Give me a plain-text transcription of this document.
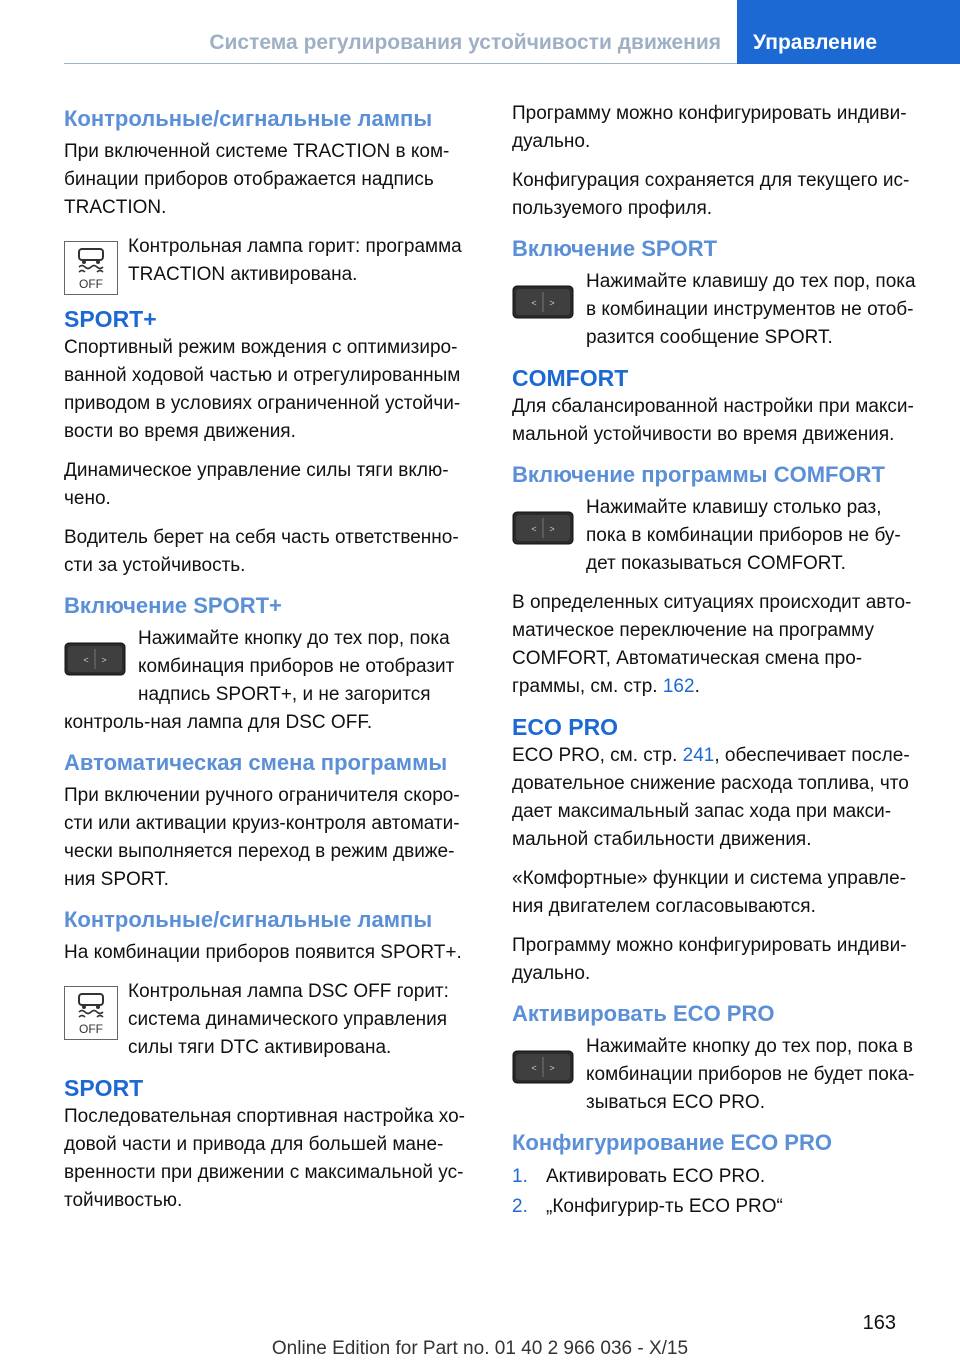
Система регулирования устойчивости движения	Управление
Контрольные/сигнальные лампы

При включенной системе TRACTION в ком-бинации приборов отображается надпись TRACTION.

OFF
Контрольная лампа горит: программа TRACTION активирована.
SPORT+

Спортивный режим вождения с оптимизиро-ванной ходовой частью и отрегулированным приводом в условиях ограниченной устойчи-вости во время движения.

Динамическое управление силы тяги вклю-чено.

Водитель берет на себя часть ответственно-сти за устойчивость.

Включение SPORT+
< >
Нажимайте кнопку до тех пор, пока комбинация приборов не отобразит надпись SPORT+, и не загорится контроль-ная лампа для DSC OFF.
Автоматическая смена программы

При включении ручного ограничителя скоро-сти или активации круиз-контроля автомати-чески выполняется переход в режим движе-ния SPORT.

Контрольные/сигнальные лампы

На комбинации приборов появится SPORT+.

OFF
Контрольная лампа DSC OFF горит: система динамического управления силы тяги DTC активирована.
SPORT

Последовательная спортивная настройка хо-довой части и привода для большей мане-вренности при движении с максимальной ус-тойчивостью.

Программу можно конфигурировать индиви-дуально.

Конфигурация сохраняется для текущего ис-пользуемого профиля.

Включение SPORT
< >
Нажимайте клавишу до тех пор, пока в комбинации инструментов не отоб-разится сообщение SPORT.
COMFORT

Для сбалансированной настройки при макси-мальной устойчивости во время движения.

Включение программы COMFORT
< >
Нажимайте клавишу столько раз, пока в комбинации приборов не бу-дет показываться COMFORT.

В определенных ситуациях происходит авто-матическое переключение на программу COMFORT, Автоматическая смена про-граммы, см. стр. 162.

ECO PRO

ECO PRO, см. стр. 241, обеспечивает после-довательное снижение расхода топлива, что дает максимальный запас хода при макси-мальной стабильности движения.

«Комфортные» функции и система управле-ния двигателем согласовываются.

Программу можно конфигурировать индиви-дуально.

Активировать ECO PRO
< >
Нажимайте кнопку до тех пор, пока в комбинации приборов не будет пока-зываться ECO PRO.
Конфигурирование ECO PRO
1. Активировать ECO PRO.
2. „Конфигурир-ть ECO PRO“
163
Online Edition for Part no. 01 40 2 966 036 - X/15
